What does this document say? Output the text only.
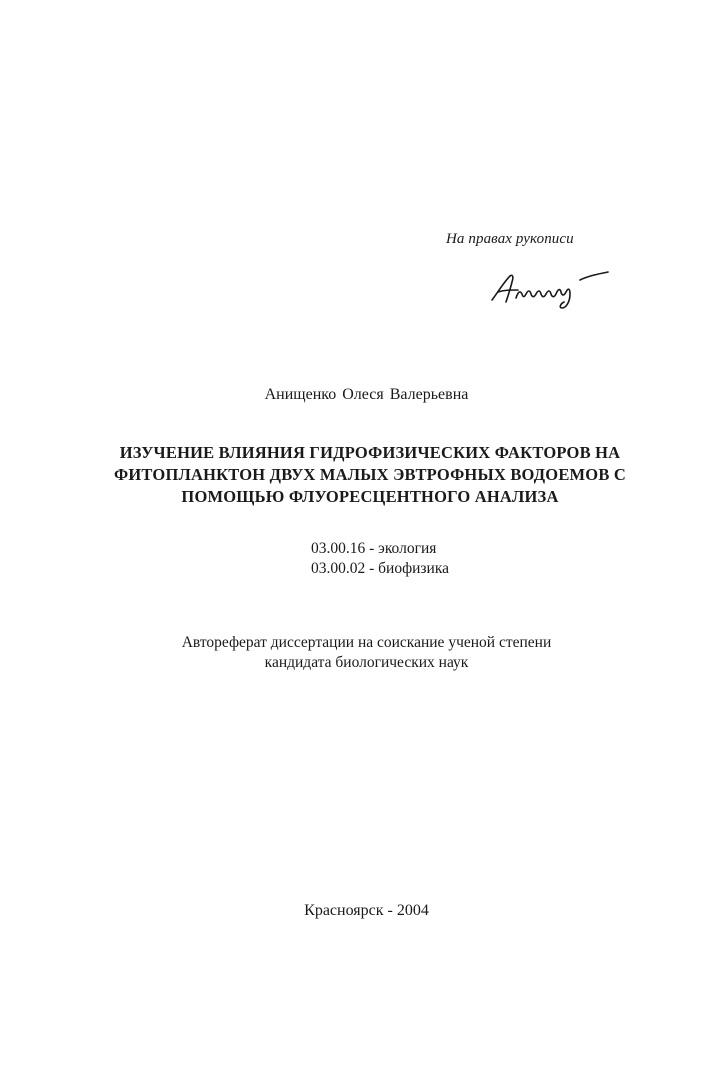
На правах рукописи
Анищенко Олеся Валерьевна
ИЗУЧЕНИЕ ВЛИЯНИЯ ГИДРОФИЗИЧЕСКИХ ФАКТОРОВ НА
ФИТОПЛАНКТОН ДВУХ МАЛЫХ ЭВТРОФНЫХ ВОДОЕМОВ С
ПОМОЩЬЮ ФЛУОРЕСЦЕНТНОГО АНАЛИЗА
03.00.16 - экология
03.00.02 - биофизика
Автореферат диссертации на соискание ученой степени
кандидата биологических наук
Красноярск - 2004
